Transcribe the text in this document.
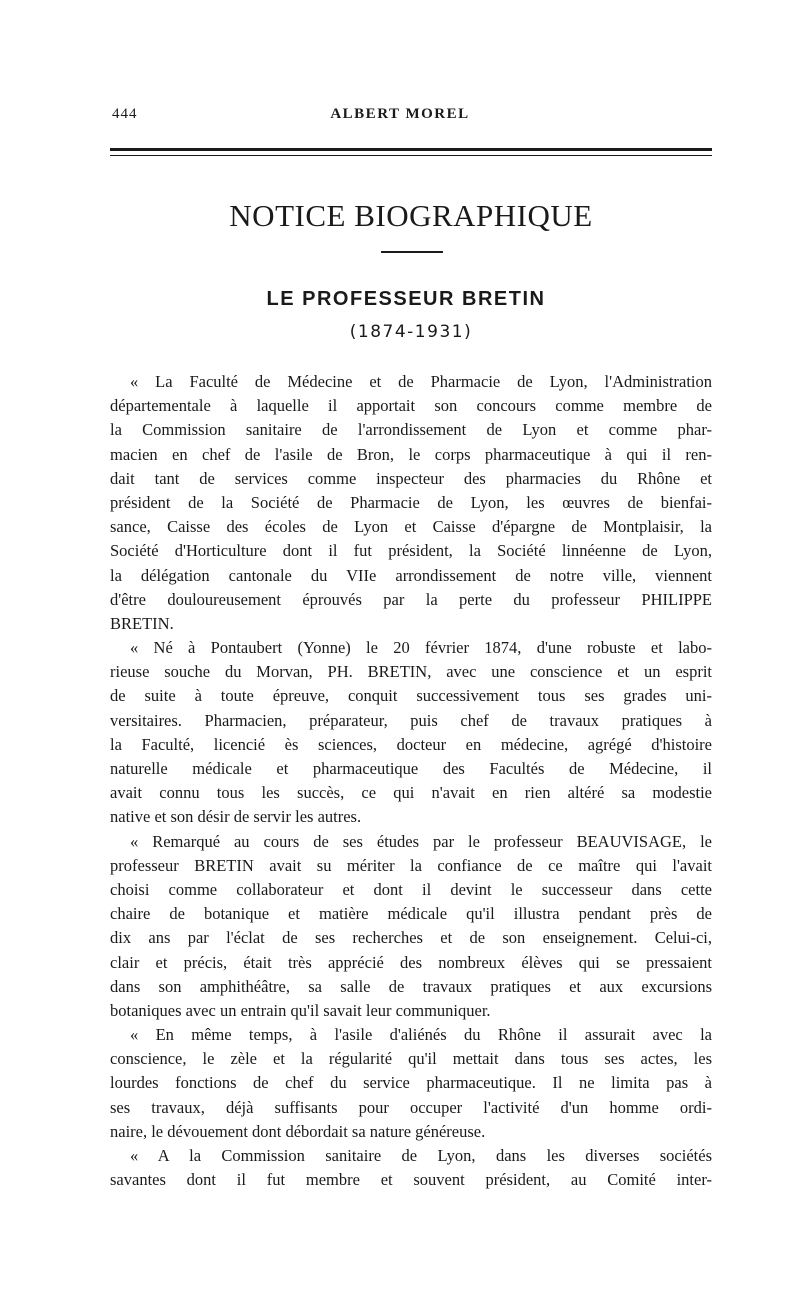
444	ALBERT MOREL
NOTICE BIOGRAPHIQUE
LE PROFESSEUR BRETIN
(1874-1931)
« La Faculté de Médecine et de Pharmacie de Lyon, l'Administration
départementale à laquelle il apportait son concours comme membre de
la Commission sanitaire de l'arrondissement de Lyon et comme phar-
macien en chef de l'asile de Bron, le corps pharmaceutique à qui il ren-
dait tant de services comme inspecteur des pharmacies du Rhône et
président de la Société de Pharmacie de Lyon, les œuvres de bienfai-
sance, Caisse des écoles de Lyon et Caisse d'épargne de Montplaisir, la
Société d'Horticulture dont il fut président, la Société linnéenne de Lyon,
la délégation cantonale du VIIe arrondissement de notre ville, viennent
d'être douloureusement éprouvés par la perte du professeur PHILIPPE
BRETIN.
« Né à Pontaubert (Yonne) le 20 février 1874, d'une robuste et labo-
rieuse souche du Morvan, PH. BRETIN, avec une conscience et un esprit
de suite à toute épreuve, conquit successivement tous ses grades uni-
versitaires. Pharmacien, préparateur, puis chef de travaux pratiques à
la Faculté, licencié ès sciences, docteur en médecine, agrégé d'histoire
naturelle médicale et pharmaceutique des Facultés de Médecine, il
avait connu tous les succès, ce qui n'avait en rien altéré sa modestie
native et son désir de servir les autres.
« Remarqué au cours de ses études par le professeur BEAUVISAGE, le
professeur BRETIN avait su mériter la confiance de ce maître qui l'avait
choisi comme collaborateur et dont il devint le successeur dans cette
chaire de botanique et matière médicale qu'il illustra pendant près de
dix ans par l'éclat de ses recherches et de son enseignement. Celui-ci,
clair et précis, était très apprécié des nombreux élèves qui se pressaient
dans son amphithéâtre, sa salle de travaux pratiques et aux excursions
botaniques avec un entrain qu'il savait leur communiquer.
« En même temps, à l'asile d'aliénés du Rhône il assurait avec la
conscience, le zèle et la régularité qu'il mettait dans tous ses actes, les
lourdes fonctions de chef du service pharmaceutique. Il ne limita pas à
ses travaux, déjà suffisants pour occuper l'activité d'un homme ordi-
naire, le dévouement dont débordait sa nature généreuse.
« A la Commission sanitaire de Lyon, dans les diverses sociétés
savantes dont il fut membre et souvent président, au Comité inter-
